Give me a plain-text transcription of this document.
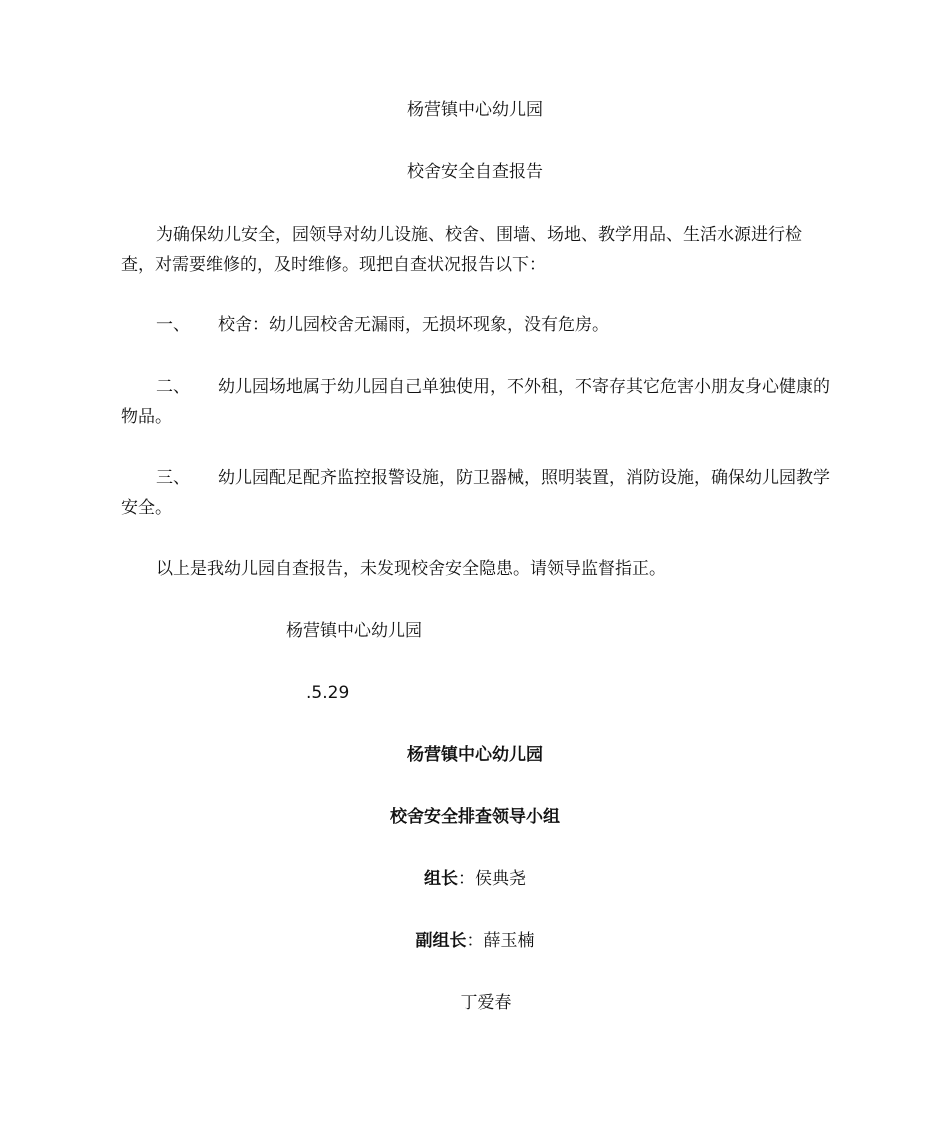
杨营镇中心幼儿园
校舍安全自查报告

为确保幼儿安全，园领导对幼儿设施、校舍、围墙、场地、教学用品、生活水源进行检查，对需要维修的，及时维修。现把自查状况报告以下：

一、	校舍：幼儿园校舍无漏雨，无损坏现象，没有危房。
二、	幼儿园场地属于幼儿园自己单独使用，不外租，不寄存其它危害小朋友身心健康的物品。
三、	幼儿园配足配齐监控报警设施，防卫器械，照明装置，消防设施，确保幼儿园教学安全。
以上是我幼儿园自查报告，未发现校舍安全隐患。请领导监督指正。
杨营镇中心幼儿园
.5.29
杨营镇中心幼儿园
校舍安全排查领导小组
组长：侯典尧
副组长：薛玉楠
丁爱春
